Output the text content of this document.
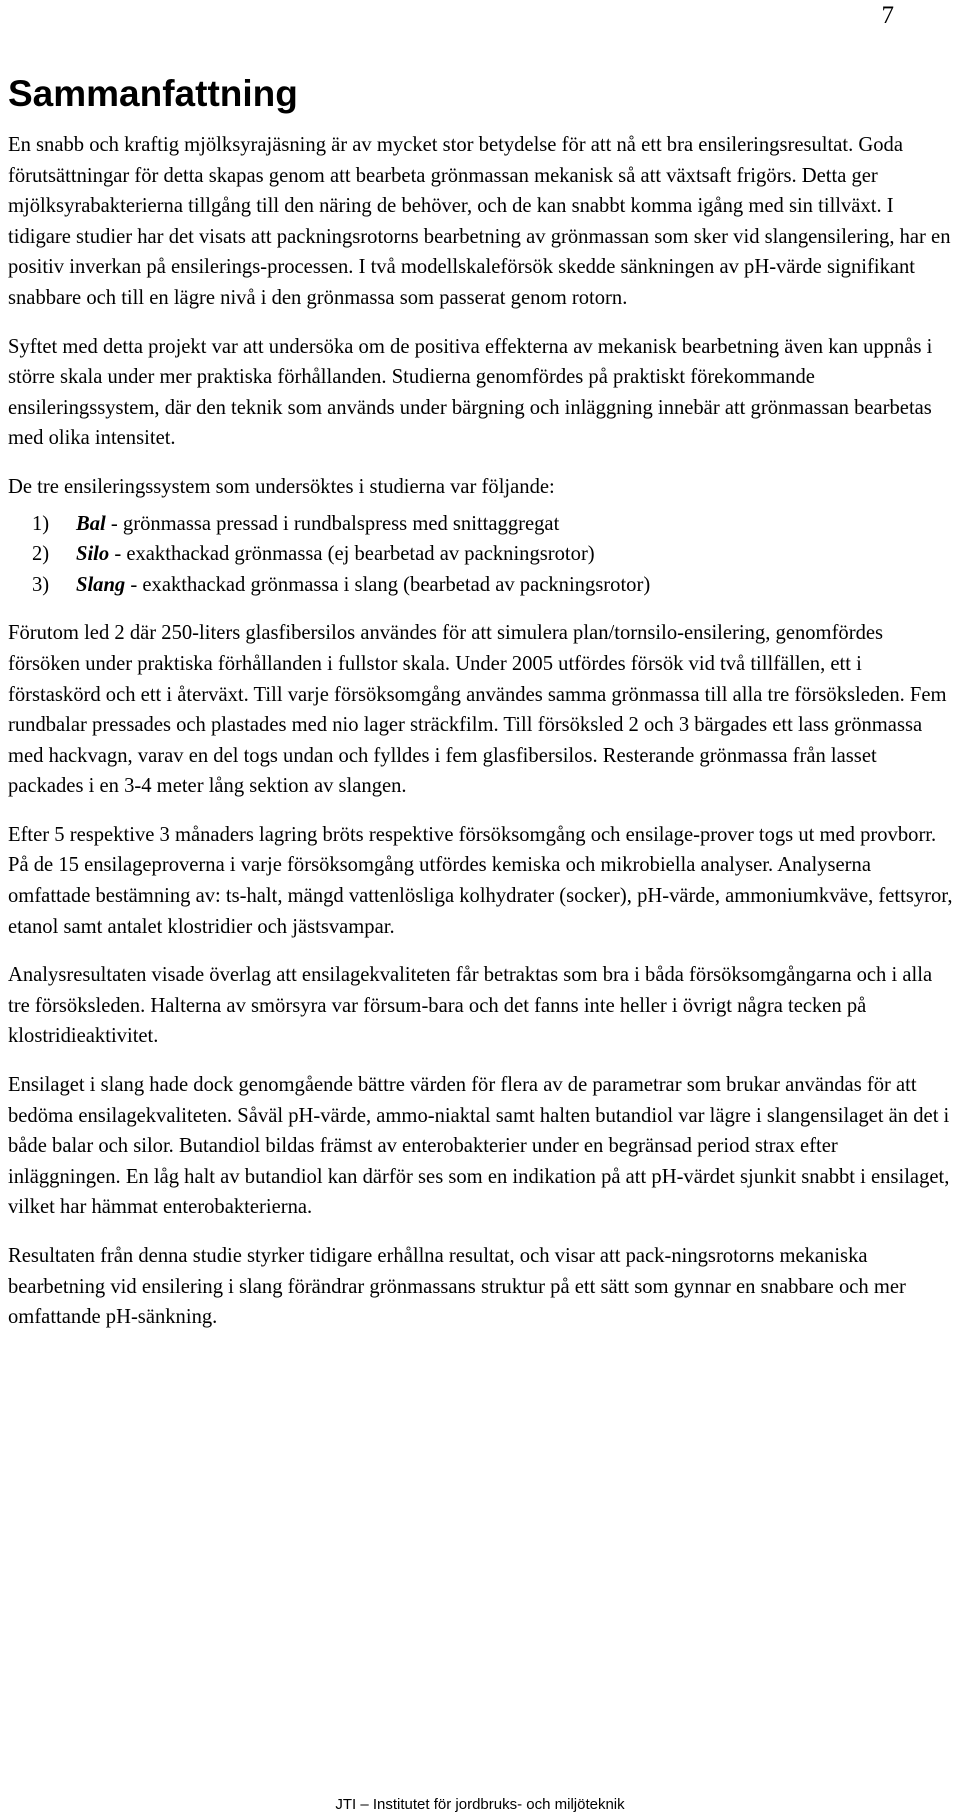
7
Sammanfattning

En snabb och kraftig mjölksyrajäsning är av mycket stor betydelse för att nå ett bra ensileringsresultat. Goda förutsättningar för detta skapas genom att bearbeta grönmassan mekanisk så att växtsaft frigörs. Detta ger mjölksyrabakterierna tillgång till den näring de behöver, och de kan snabbt komma igång med sin tillväxt. I tidigare studier har det visats att packningsrotorns bearbetning av grönmassan som sker vid slangensilering, har en positiv inverkan på ensilerings-processen. I två modellskaleförsök skedde sänkningen av pH-värde signifikant snabbare och till en lägre nivå i den grönmassa som passerat genom rotorn.

Syftet med detta projekt var att undersöka om de positiva effekterna av mekanisk bearbetning även kan uppnås i större skala under mer praktiska förhållanden. Studierna genomfördes på praktiskt förekommande ensileringssystem, där den teknik som används under bärgning och inläggning innebär att grönmassan bearbetas med olika intensitet.

De tre ensileringssystem som undersöktes i studierna var följande:

1) Bal - grönmassa pressad i rundbalspress med snittaggregat
2) Silo - exakthackad grönmassa (ej bearbetad av packningsrotor)
3) Slang - exakthackad grönmassa i slang (bearbetad av packningsrotor)

Förutom led 2 där 250-liters glasfibersilos användes för att simulera plan/tornsilo-ensilering, genomfördes försöken under praktiska förhållanden i fullstor skala. Under 2005 utfördes försök vid två tillfällen, ett i förstaskörd och ett i återväxt. Till varje försöksomgång användes samma grönmassa till alla tre försöksleden. Fem rundbalar pressades och plastades med nio lager sträckfilm. Till försöksled 2 och 3 bärgades ett lass grönmassa med hackvagn, varav en del togs undan och fylldes i fem glasfibersilos. Resterande grönmassa från lasset packades i en 3-4 meter lång sektion av slangen.

Efter 5 respektive 3 månaders lagring bröts respektive försöksomgång och ensilage-prover togs ut med provborr. På de 15 ensilageproverna i varje försöksomgång utfördes kemiska och mikrobiella analyser. Analyserna omfattade bestämning av: ts-halt, mängd vattenlösliga kolhydrater (socker), pH-värde, ammoniumkväve, fettsyror, etanol samt antalet klostridier och jästsvampar.

Analysresultaten visade överlag att ensilagekvaliteten får betraktas som bra i båda försöksomgångarna och i alla tre försöksleden. Halterna av smörsyra var försum-bara och det fanns inte heller i övrigt några tecken på klostridieaktivitet.

Ensilaget i slang hade dock genomgående bättre värden för flera av de parametrar som brukar användas för att bedöma ensilagekvaliteten. Såväl pH-värde, ammo-niaktal samt halten butandiol var lägre i slangensilaget än det i både balar och silor. Butandiol bildas främst av enterobakterier under en begränsad period strax efter inläggningen. En låg halt av butandiol kan därför ses som en indikation på att pH-värdet sjunkit snabbt i ensilaget, vilket har hämmat enterobakterierna.

Resultaten från denna studie styrker tidigare erhållna resultat, och visar att pack-ningsrotorns mekaniska bearbetning vid ensilering i slang förändrar grönmassans struktur på ett sätt som gynnar en snabbare och mer omfattande pH-sänkning.

JTI – Institutet för jordbruks- och miljöteknik
